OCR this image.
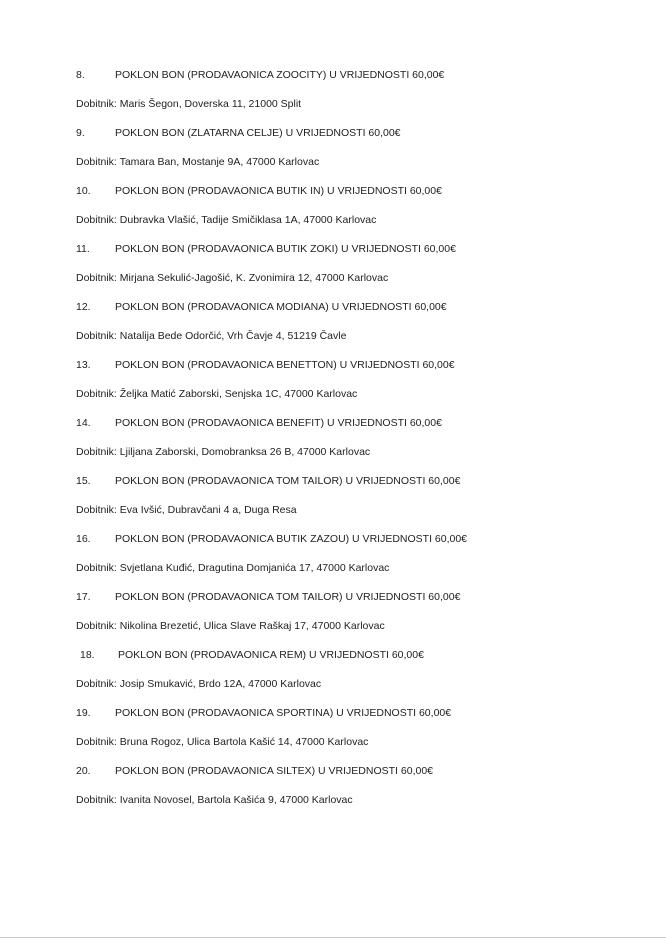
8.	POKLON BON (PRODAVAONICA ZOOCITY) U VRIJEDNOSTI 60,00€
Dobitnik: Maris Šegon, Doverska 11, 21000 Split
9.	POKLON BON (ZLATARNA CELJE) U VRIJEDNOSTI 60,00€
Dobitnik: Tamara Ban, Mostanje 9A, 47000 Karlovac
10. POKLON BON (PRODAVAONICA BUTIK IN) U VRIJEDNOSTI 60,00€
Dobitnik: Dubravka Vlašić, Tadije Smičiklasa 1A, 47000 Karlovac
11. POKLON BON (PRODAVAONICA BUTIK ZOKI) U VRIJEDNOSTI 60,00€
Dobitnik: Mirjana Sekulić-Jagošić, K. Zvonimira 12, 47000 Karlovac
12. POKLON BON (PRODAVAONICA MODIANA) U VRIJEDNOSTI 60,00€
Dobitnik: Natalija Bede Odorčić, Vrh Čavje 4, 51219 Čavle
13. POKLON BON (PRODAVAONICA BENETTON) U VRIJEDNOSTI 60,00€
Dobitnik: Željka Matić Zaborski, Senjska 1C, 47000 Karlovac
14. POKLON BON (PRODAVAONICA BENEFIT) U VRIJEDNOSTI 60,00€
Dobitnik: Ljiljana Zaborski, Domobranksa 26 B, 47000 Karlovac
15. POKLON BON (PRODAVAONICA TOM TAILOR) U VRIJEDNOSTI 60,00€
Dobitnik: Eva Ivšić, Dubravčani 4 a, Duga Resa
16. POKLON BON (PRODAVAONICA BUTIK ZAZOU) U VRIJEDNOSTI 60,00€
Dobitnik: Svjetlana Kuđić, Dragutina Domjanića 17, 47000 Karlovac
17. POKLON BON (PRODAVAONICA TOM TAILOR) U VRIJEDNOSTI 60,00€
Dobitnik: Nikolina Brezetić, Ulica Slave Raškaj 17, 47000 Karlovac
18. POKLON BON (PRODAVAONICA REM) U VRIJEDNOSTI 60,00€
Dobitnik: Josip Smukavić, Brdo 12A, 47000 Karlovac
19. POKLON BON (PRODAVAONICA SPORTINA) U VRIJEDNOSTI 60,00€
Dobitnik: Bruna Rogoz, Ulica Bartola Kašić 14, 47000 Karlovac
20. POKLON BON (PRODAVAONICA SILTEX) U VRIJEDNOSTI 60,00€
Dobitnik: Ivanita Novosel, Bartola Kašića 9, 47000 Karlovac
